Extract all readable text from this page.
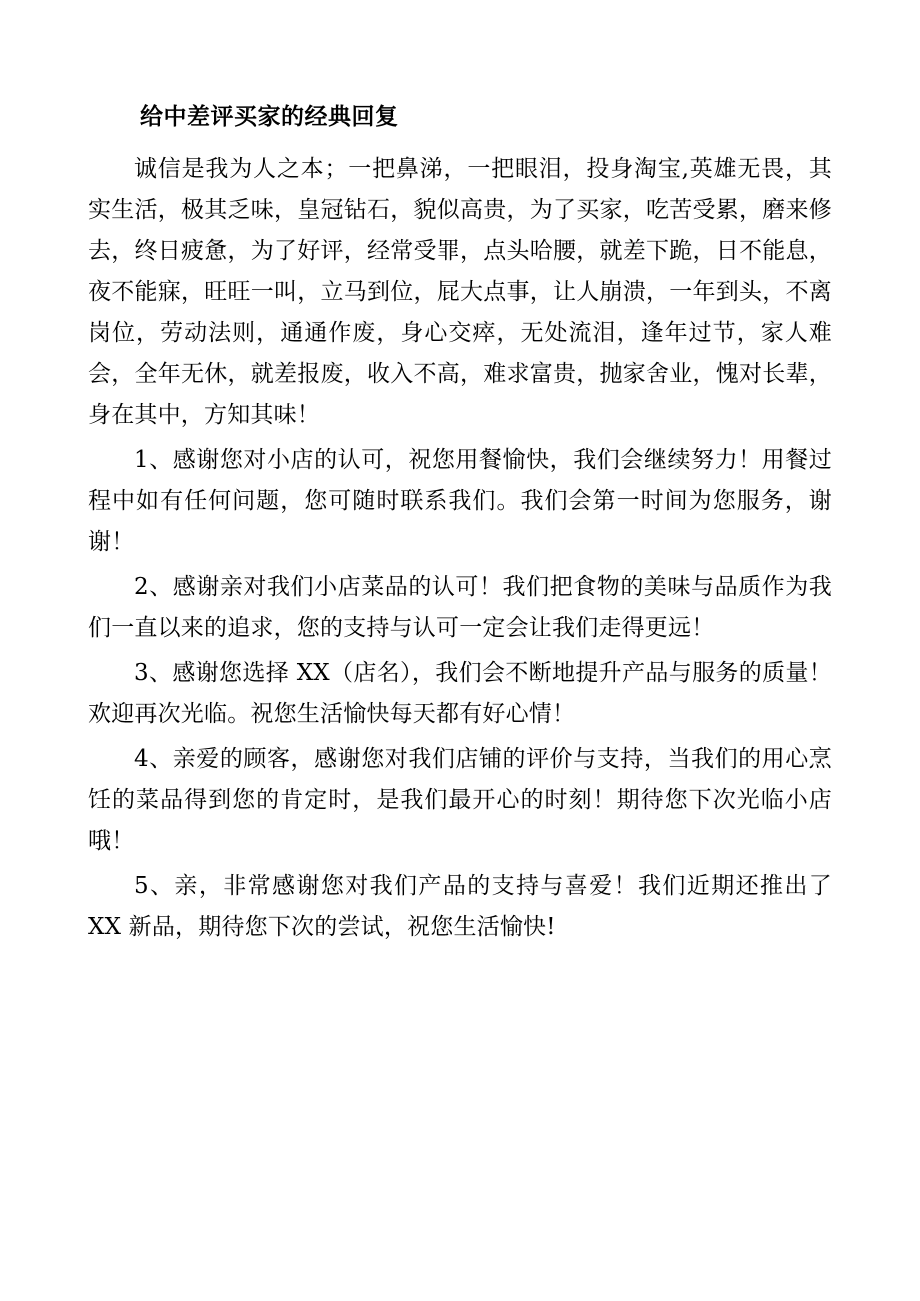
给中差评买家的经典回复

诚信是我为人之本；一把鼻涕，一把眼泪，投身淘宝,英雄无畏，其实生活，极其乏味，皇冠钻石，貌似高贵，为了买家，吃苦受累，磨来修去，终日疲惫，为了好评，经常受罪，点头哈腰，就差下跪，日不能息，夜不能寐，旺旺一叫，立马到位，屁大点事，让人崩溃，一年到头，不离岗位，劳动法则，通通作废，身心交瘁，无处流泪，逢年过节，家人难会，全年无休，就差报废，收入不高，难求富贵，抛家舍业，愧对长辈，身在其中，方知其味！

1、感谢您对小店的认可，祝您用餐愉快，我们会继续努力！用餐过程中如有任何问题，您可随时联系我们。我们会第一时间为您服务，谢谢！

2、感谢亲对我们小店菜品的认可！我们把食物的美味与品质作为我们一直以来的追求，您的支持与认可一定会让我们走得更远！

3、感谢您选择 XX（店名），我们会不断地提升产品与服务的质量！欢迎再次光临。祝您生活愉快每天都有好心情！

4、亲爱的顾客，感谢您对我们店铺的评价与支持，当我们的用心烹饪的菜品得到您的肯定时，是我们最开心的时刻！期待您下次光临小店哦！

5、亲，非常感谢您对我们产品的支持与喜爱！我们近期还推出了 XX 新品，期待您下次的尝试，祝您生活愉快!
